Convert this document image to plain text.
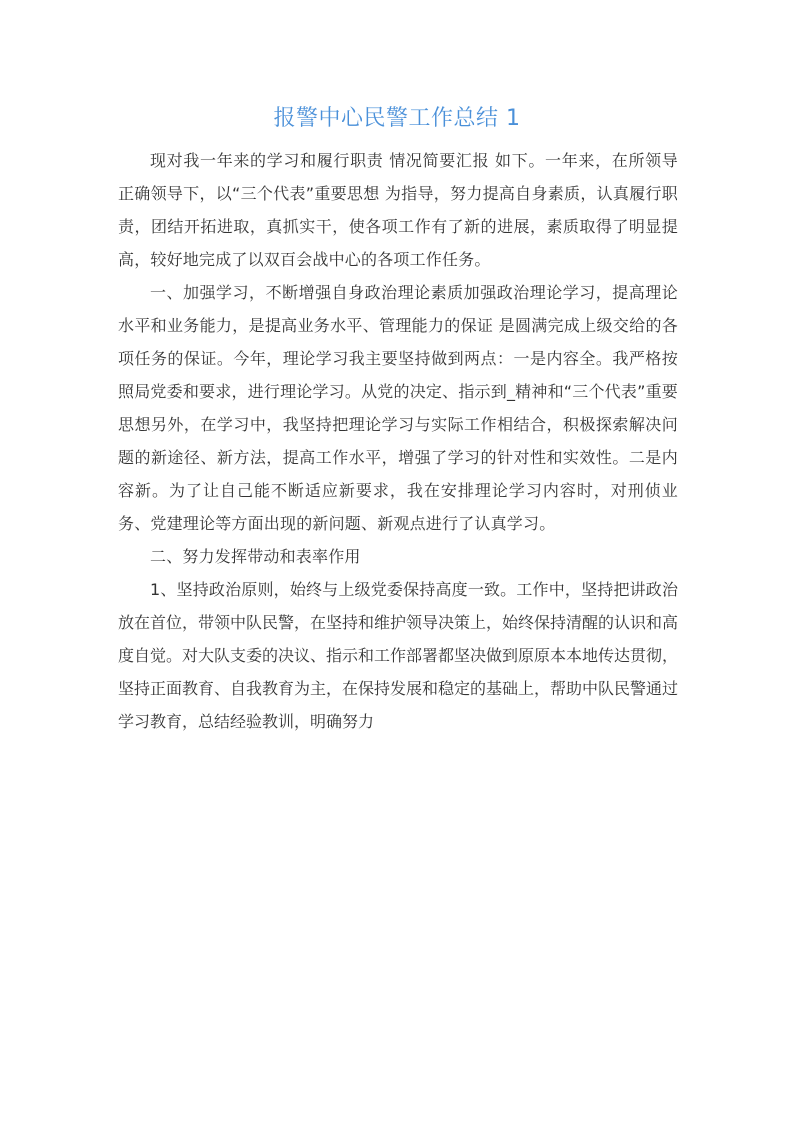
报警中心民警工作总结 1

现对我一年来的学习和履行职责 情况简要汇报 如下。一年来，在所领导正确领导下，以“三个代表”重要思想 为指导，努力提高自身素质，认真履行职责，团结开拓进取，真抓实干，使各项工作有了新的进展，素质取得了明显提高，较好地完成了以双百会战中心的各项工作任务。

一、加强学习，不断增强自身政治理论素质加强政治理论学习，提高理论水平和业务能力，是提高业务水平、管理能力的保证 是圆满完成上级交给的各项任务的保证。今年，理论学习我主要坚持做到两点：一是内容全。我严格按照局党委和要求，进行理论学习。从党的决定、指示到_精神和“三个代表”重要思想另外，在学习中，我坚持把理论学习与实际工作相结合，积极探索解决问题的新途径、新方法，提高工作水平，增强了学习的针对性和实效性。二是内容新。为了让自己能不断适应新要求，我在安排理论学习内容时，对刑侦业务、党建理论等方面出现的新问题、新观点进行了认真学习。

二、努力发挥带动和表率作用

1、坚持政治原则，始终与上级党委保持高度一致。工作中，坚持把讲政治放在首位，带领中队民警，在坚持和维护领导决策上，始终保持清醒的认识和高度自觉。对大队支委的决议、指示和工作部署都坚决做到原原本本地传达贯彻，坚持正面教育、自我教育为主，在保持发展和稳定的基础上，帮助中队民警通过学习教育，总结经验教训，明确努力
